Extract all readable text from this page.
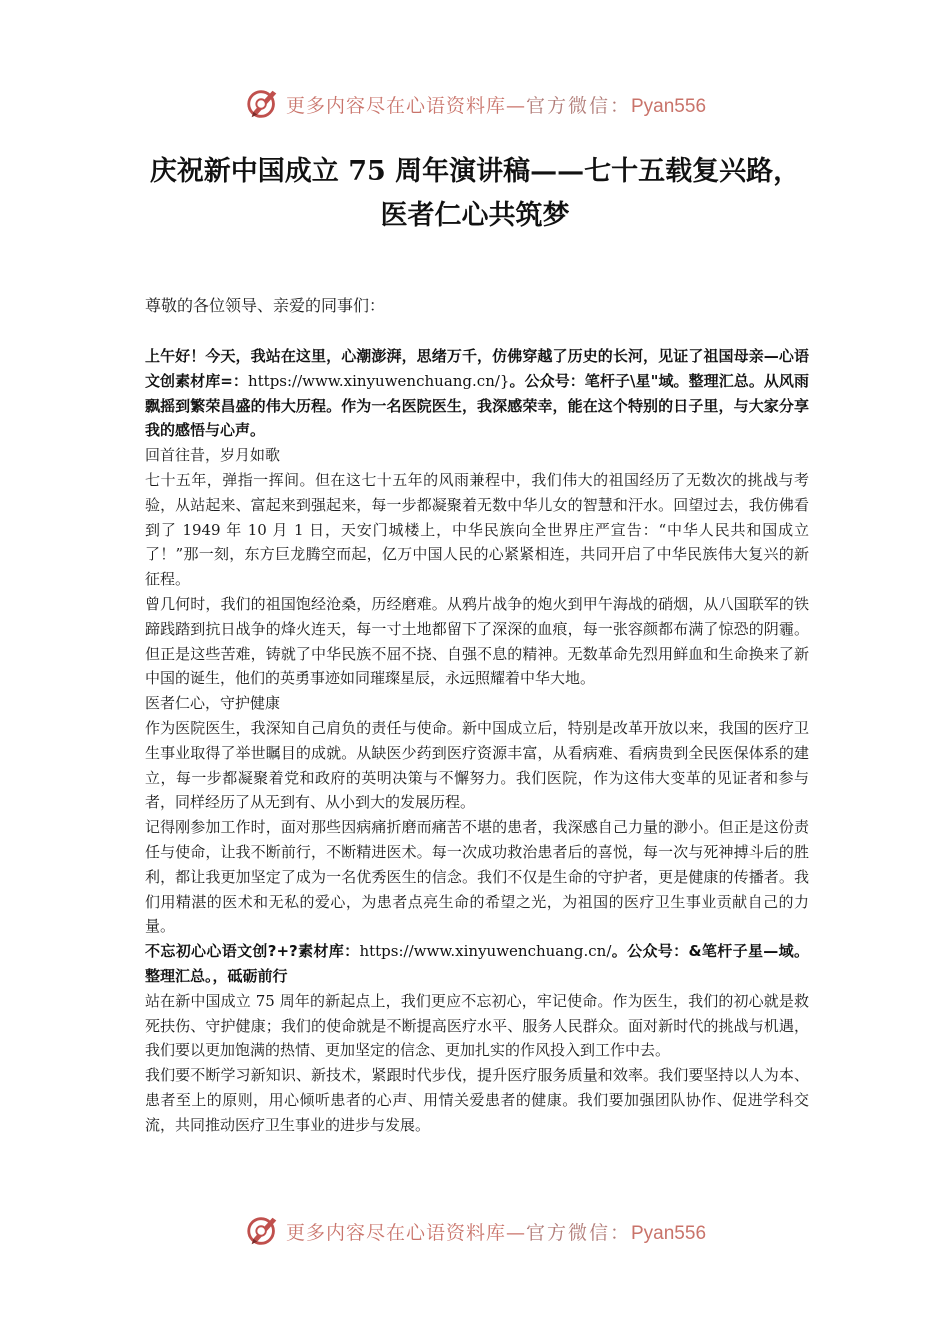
更多内容尽在心语资料库—官方微信：Pyan556
庆祝新中国成立 75 周年演讲稿——七十五载复兴路，
医者仁心共筑梦

尊敬的各位领导、亲爱的同事们：

上午好！今天，我站在这里，心潮澎湃，思绪万千，仿佛穿越了历史的长河，见证了祖国母亲—心语文创素材库=：https://www.xinyuwenchuang.cn/}。公众号：笔杆子\星"域。整理汇总。从风雨飘摇到繁荣昌盛的伟大历程。作为一名医院医生，我深感荣幸，能在这个特别的日子里，与大家分享我的感悟与心声。

回首往昔，岁月如歌

七十五年，弹指一挥间。但在这七十五年的风雨兼程中，我们伟大的祖国经历了无数次的挑战与考验，从站起来、富起来到强起来，每一步都凝聚着无数中华儿女的智慧和汗水。回望过去，我仿佛看到了 1949 年 10 月 1 日，天安门城楼上，中华民族向全世界庄严宣告：“中华人民共和国成立了！”那一刻，东方巨龙腾空而起，亿万中国人民的心紧紧相连，共同开启了中华民族伟大复兴的新征程。

曾几何时，我们的祖国饱经沧桑，历经磨难。从鸦片战争的炮火到甲午海战的硝烟，从八国联军的铁蹄践踏到抗日战争的烽火连天，每一寸土地都留下了深深的血痕，每一张容颜都布满了惊恐的阴霾。但正是这些苦难，铸就了中华民族不屈不挠、自强不息的精神。无数革命先烈用鲜血和生命换来了新中国的诞生，他们的英勇事迹如同璀璨星辰，永远照耀着中华大地。

医者仁心，守护健康

作为医院医生，我深知自己肩负的责任与使命。新中国成立后，特别是改革开放以来，我国的医疗卫生事业取得了举世瞩目的成就。从缺医少药到医疗资源丰富，从看病难、看病贵到全民医保体系的建立，每一步都凝聚着党和政府的英明决策与不懈努力。我们医院，作为这伟大变革的见证者和参与者，同样经历了从无到有、从小到大的发展历程。

记得刚参加工作时，面对那些因病痛折磨而痛苦不堪的患者，我深感自己力量的渺小。但正是这份责任与使命，让我不断前行，不断精进医术。每一次成功救治患者后的喜悦，每一次与死神搏斗后的胜利，都让我更加坚定了成为一名优秀医生的信念。我们不仅是生命的守护者，更是健康的传播者。我们用精湛的医术和无私的爱心，为患者点亮生命的希望之光，为祖国的医疗卫生事业贡献自己的力量。

不忘初心心语文创?+?素材库：https://www.xinyuwenchuang.cn/。公众号：&笔杆子星—域。整理汇总。，砥砺前行

站在新中国成立 75 周年的新起点上，我们更应不忘初心，牢记使命。作为医生，我们的初心就是救死扶伤、守护健康；我们的使命就是不断提高医疗水平、服务人民群众。面对新时代的挑战与机遇，我们要以更加饱满的热情、更加坚定的信念、更加扎实的作风投入到工作中去。

我们要不断学习新知识、新技术，紧跟时代步伐，提升医疗服务质量和效率。我们要坚持以人为本、患者至上的原则，用心倾听患者的心声、用情关爱患者的健康。我们要加强团队协作、促进学科交流，共同推动医疗卫生事业的进步与发展。

更多内容尽在心语资料库—官方微信：Pyan556
